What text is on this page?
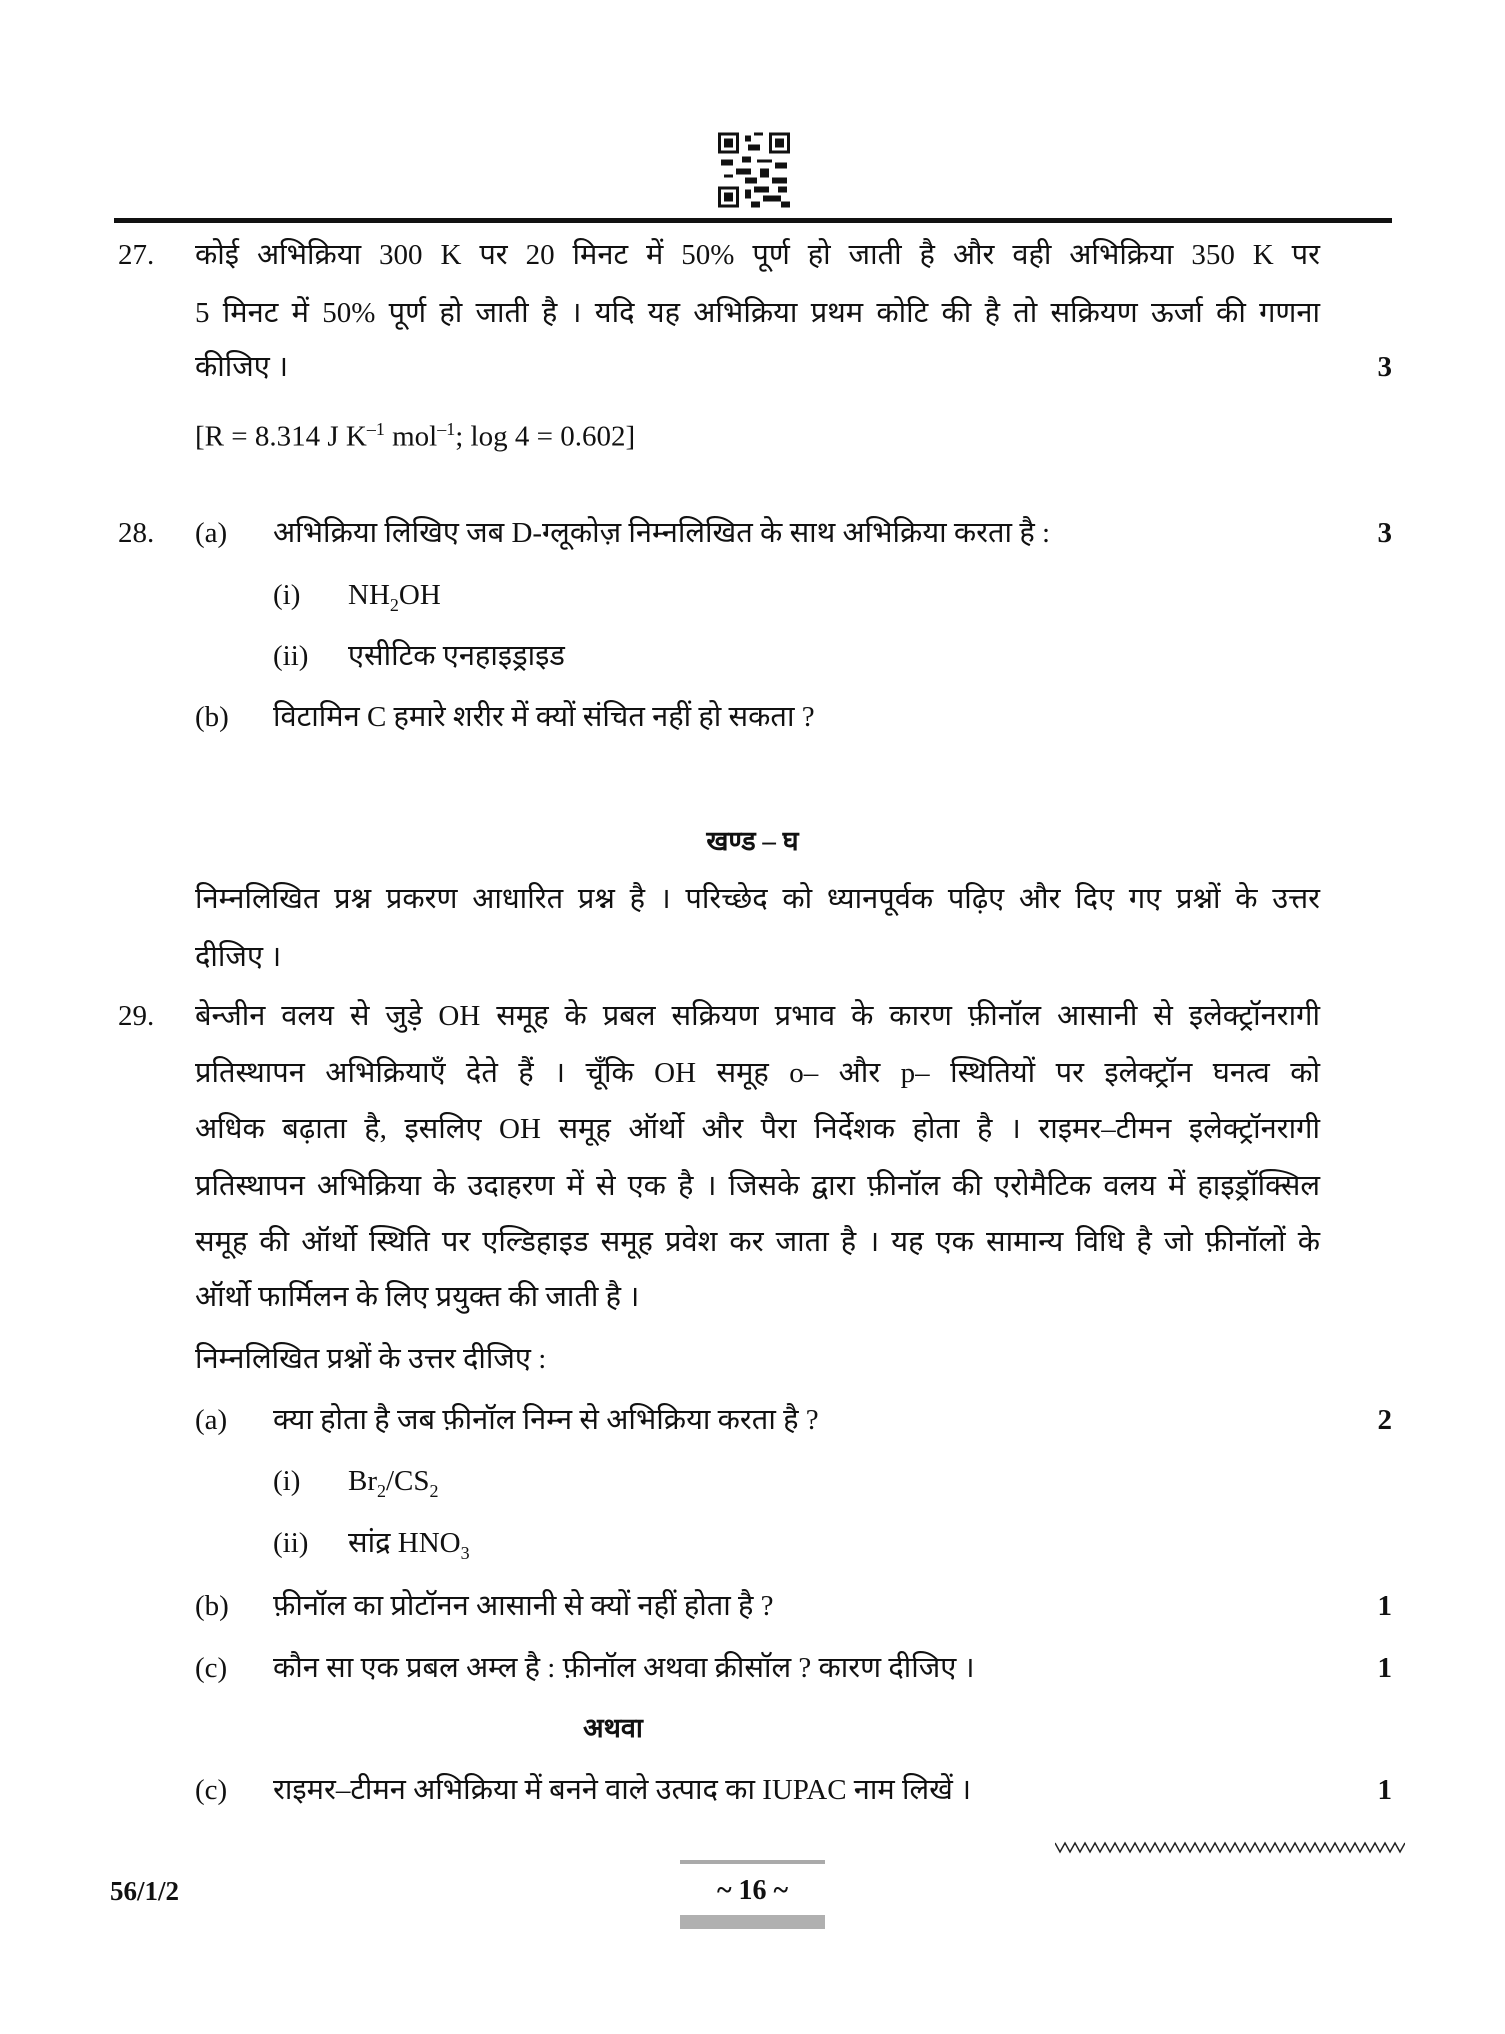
27. कोई अभिक्रिया 300 K पर 20 मिनट में 50% पूर्ण हो जाती है और वही अभिक्रिया 350 K पर
5 मिनट में 50% पूर्ण हो जाती है । यदि यह अभिक्रिया प्रथम कोटि की है तो सक्रियण ऊर्जा की गणना
कीजिए ।	3
[R = 8.314 J $K^{-1}$ mol$^{-1}$; log 4 = 0.602]
28. (a) अभिक्रिया लिखिए जब D-ग्लूकोज़ निम्नलिखित के साथ अभिक्रिया करता है :	3
(i) $NH_2OH$
(ii) एसीटिक एनहाइड्राइड
(b) विटामिन C हमारे शरीर में क्यों संचित नहीं हो सकता ?
खण्ड – घ
निम्नलिखित प्रश्न प्रकरण आधारित प्रश्न है । परिच्छेद को ध्यानपूर्वक पढ़िए और दिए गए प्रश्नों के उत्तर
दीजिए ।
29. बेन्जीन वलय से जुड़े OH समूह के प्रबल सक्रियण प्रभाव के कारण फ़ीनॉल आसानी से इलेक्ट्रॉनरागी
प्रतिस्थापन अभिक्रियाएँ देते हैं । चूँकि OH समूह o– और p– स्थितियों पर इलेक्ट्रॉन घनत्व को
अधिक बढ़ाता है, इसलिए OH समूह ऑर्थो और पैरा निर्देशक होता है । राइमर–टीमन इलेक्ट्रॉनरागी
प्रतिस्थापन अभिक्रिया के उदाहरण में से एक है । जिसके द्वारा फ़ीनॉल की एरोमैटिक वलय में हाइड्रॉक्सिल
समूह की ऑर्थो स्थिति पर एल्डिहाइड समूह प्रवेश कर जाता है । यह एक सामान्य विधि है जो फ़ीनॉलों के
ऑर्थो फार्मिलन के लिए प्रयुक्त की जाती है ।
निम्नलिखित प्रश्नों के उत्तर दीजिए :
(a) क्या होता है जब फ़ीनॉल निम्न से अभिक्रिया करता है ?	2
(i) $Br_2/CS_2$
(ii) सांद्र $HNO_3$
(b) फ़ीनॉल का प्रोटॉनन आसानी से क्यों नहीं होता है ?	1
(c) कौन सा एक प्रबल अम्ल है : फ़ीनॉल अथवा क्रीसॉल ? कारण दीजिए ।	1
अथवा
(c) राइमर–टीमन अभिक्रिया में बनने वाले उत्पाद का IUPAC नाम लिखें ।	1
56/1/2	~ 16 ~
